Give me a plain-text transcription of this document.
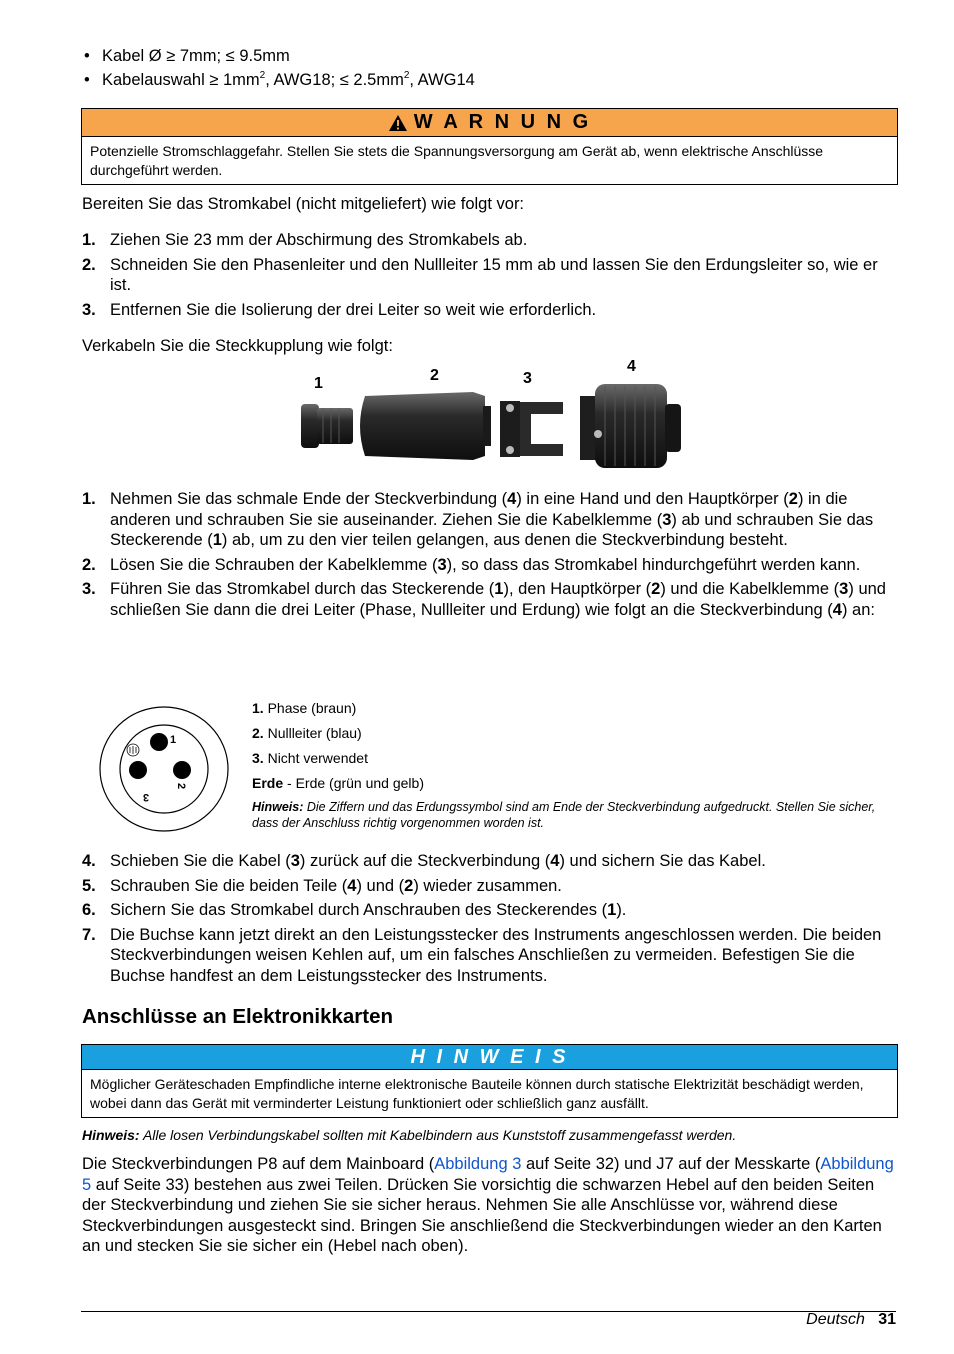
• Kabel Ø ≥ 7mm; ≤ 9.5mm
• Kabelauswahl ≥ $1mm^2$, AWG18; ≤ $2.5mm^2$, AWG14
W A R N U N G
Potenzielle Stromschlaggefahr. Stellen Sie stets die Spannungsversorgung am Gerät ab, wenn elektrische Anschlüsse durchgeführt werden.
Bereiten Sie das Stromkabel (nicht mitgeliefert) wie folgt vor:
1. Ziehen Sie 23 mm der Abschirmung des Stromkabels ab.
2. Schneiden Sie den Phasenleiter und den Nullleiter 15 mm ab und lassen Sie den Erdungsleiter so, wie er ist.
3. Entfernen Sie die Isolierung der drei Leiter so weit wie erforderlich.
Verkabeln Sie die Steckkupplung wie folgt:
1	2	3
4
1. Nehmen Sie das schmale Ende der Steckverbindung (4) in eine Hand und den Hauptkörper (2) in die anderen und schrauben Sie sie auseinander. Ziehen Sie die Kabelklemme (3) ab und schrauben Sie das Steckerende (1) ab, um zu den vier teilen gelangen, aus denen die Steckverbindung besteht.
2. Lösen Sie die Schrauben der Kabelklemme (3), so dass das Stromkabel hindurchgeführt werden kann.
3. Führen Sie das Stromkabel durch das Steckerende (1), den Hauptkörper (2) und die Kabelklemme (3) und schließen Sie dann die drei Leiter (Phase, Nullleiter und Erdung) wie folgt an die Steckverbindung (4) an:
1
2
3
1. Phase (braun)
2. Nullleiter (blau)
3. Nicht verwendet
Erde - Erde (grün und gelb)
Hinweis: Die Ziffern und das Erdungssymbol sind am Ende der Steckverbindung aufgedruckt. Stellen Sie sicher, dass der Anschluss richtig vorgenommen worden ist.
4. Schieben Sie die Kabel (3) zurück auf die Steckverbindung (4) und sichern Sie das Kabel.
5. Schrauben Sie die beiden Teile (4) und (2) wieder zusammen.
6. Sichern Sie das Stromkabel durch Anschrauben des Steckerendes (1).
7. Die Buchse kann jetzt direkt an den Leistungsstecker des Instruments angeschlossen werden. Die beiden Steckverbindungen weisen Kehlen auf, um ein falsches Anschließen zu vermeiden. Befestigen Sie die Buchse handfest an dem Leistungsstecker des Instruments.
Anschlüsse an Elektronikkarten
H I N W E I S
Möglicher Geräteschaden Empfindliche interne elektronische Bauteile können durch statische Elektrizität beschädigt werden, wobei dann das Gerät mit verminderter Leistung funktioniert oder schließlich ganz ausfällt.
Hinweis: Alle losen Verbindungskabel sollten mit Kabelbindern aus Kunststoff zusammengefasst werden.
Die Steckverbindungen P8 auf dem Mainboard (Abbildung 3 auf Seite 32) und J7 auf der Messkarte (Abbildung 5 auf Seite 33) bestehen aus zwei Teilen. Drücken Sie vorsichtig die schwarzen Hebel auf den beiden Seiten der Steckverbindung und ziehen Sie sie sicher heraus. Nehmen Sie alle Anschlüsse vor, während diese Steckverbindungen ausgesteckt sind. Bringen Sie anschließend die Steckverbindungen wieder an den Karten an und stecken Sie sie sicher ein (Hebel nach oben).
Deutsch 31
